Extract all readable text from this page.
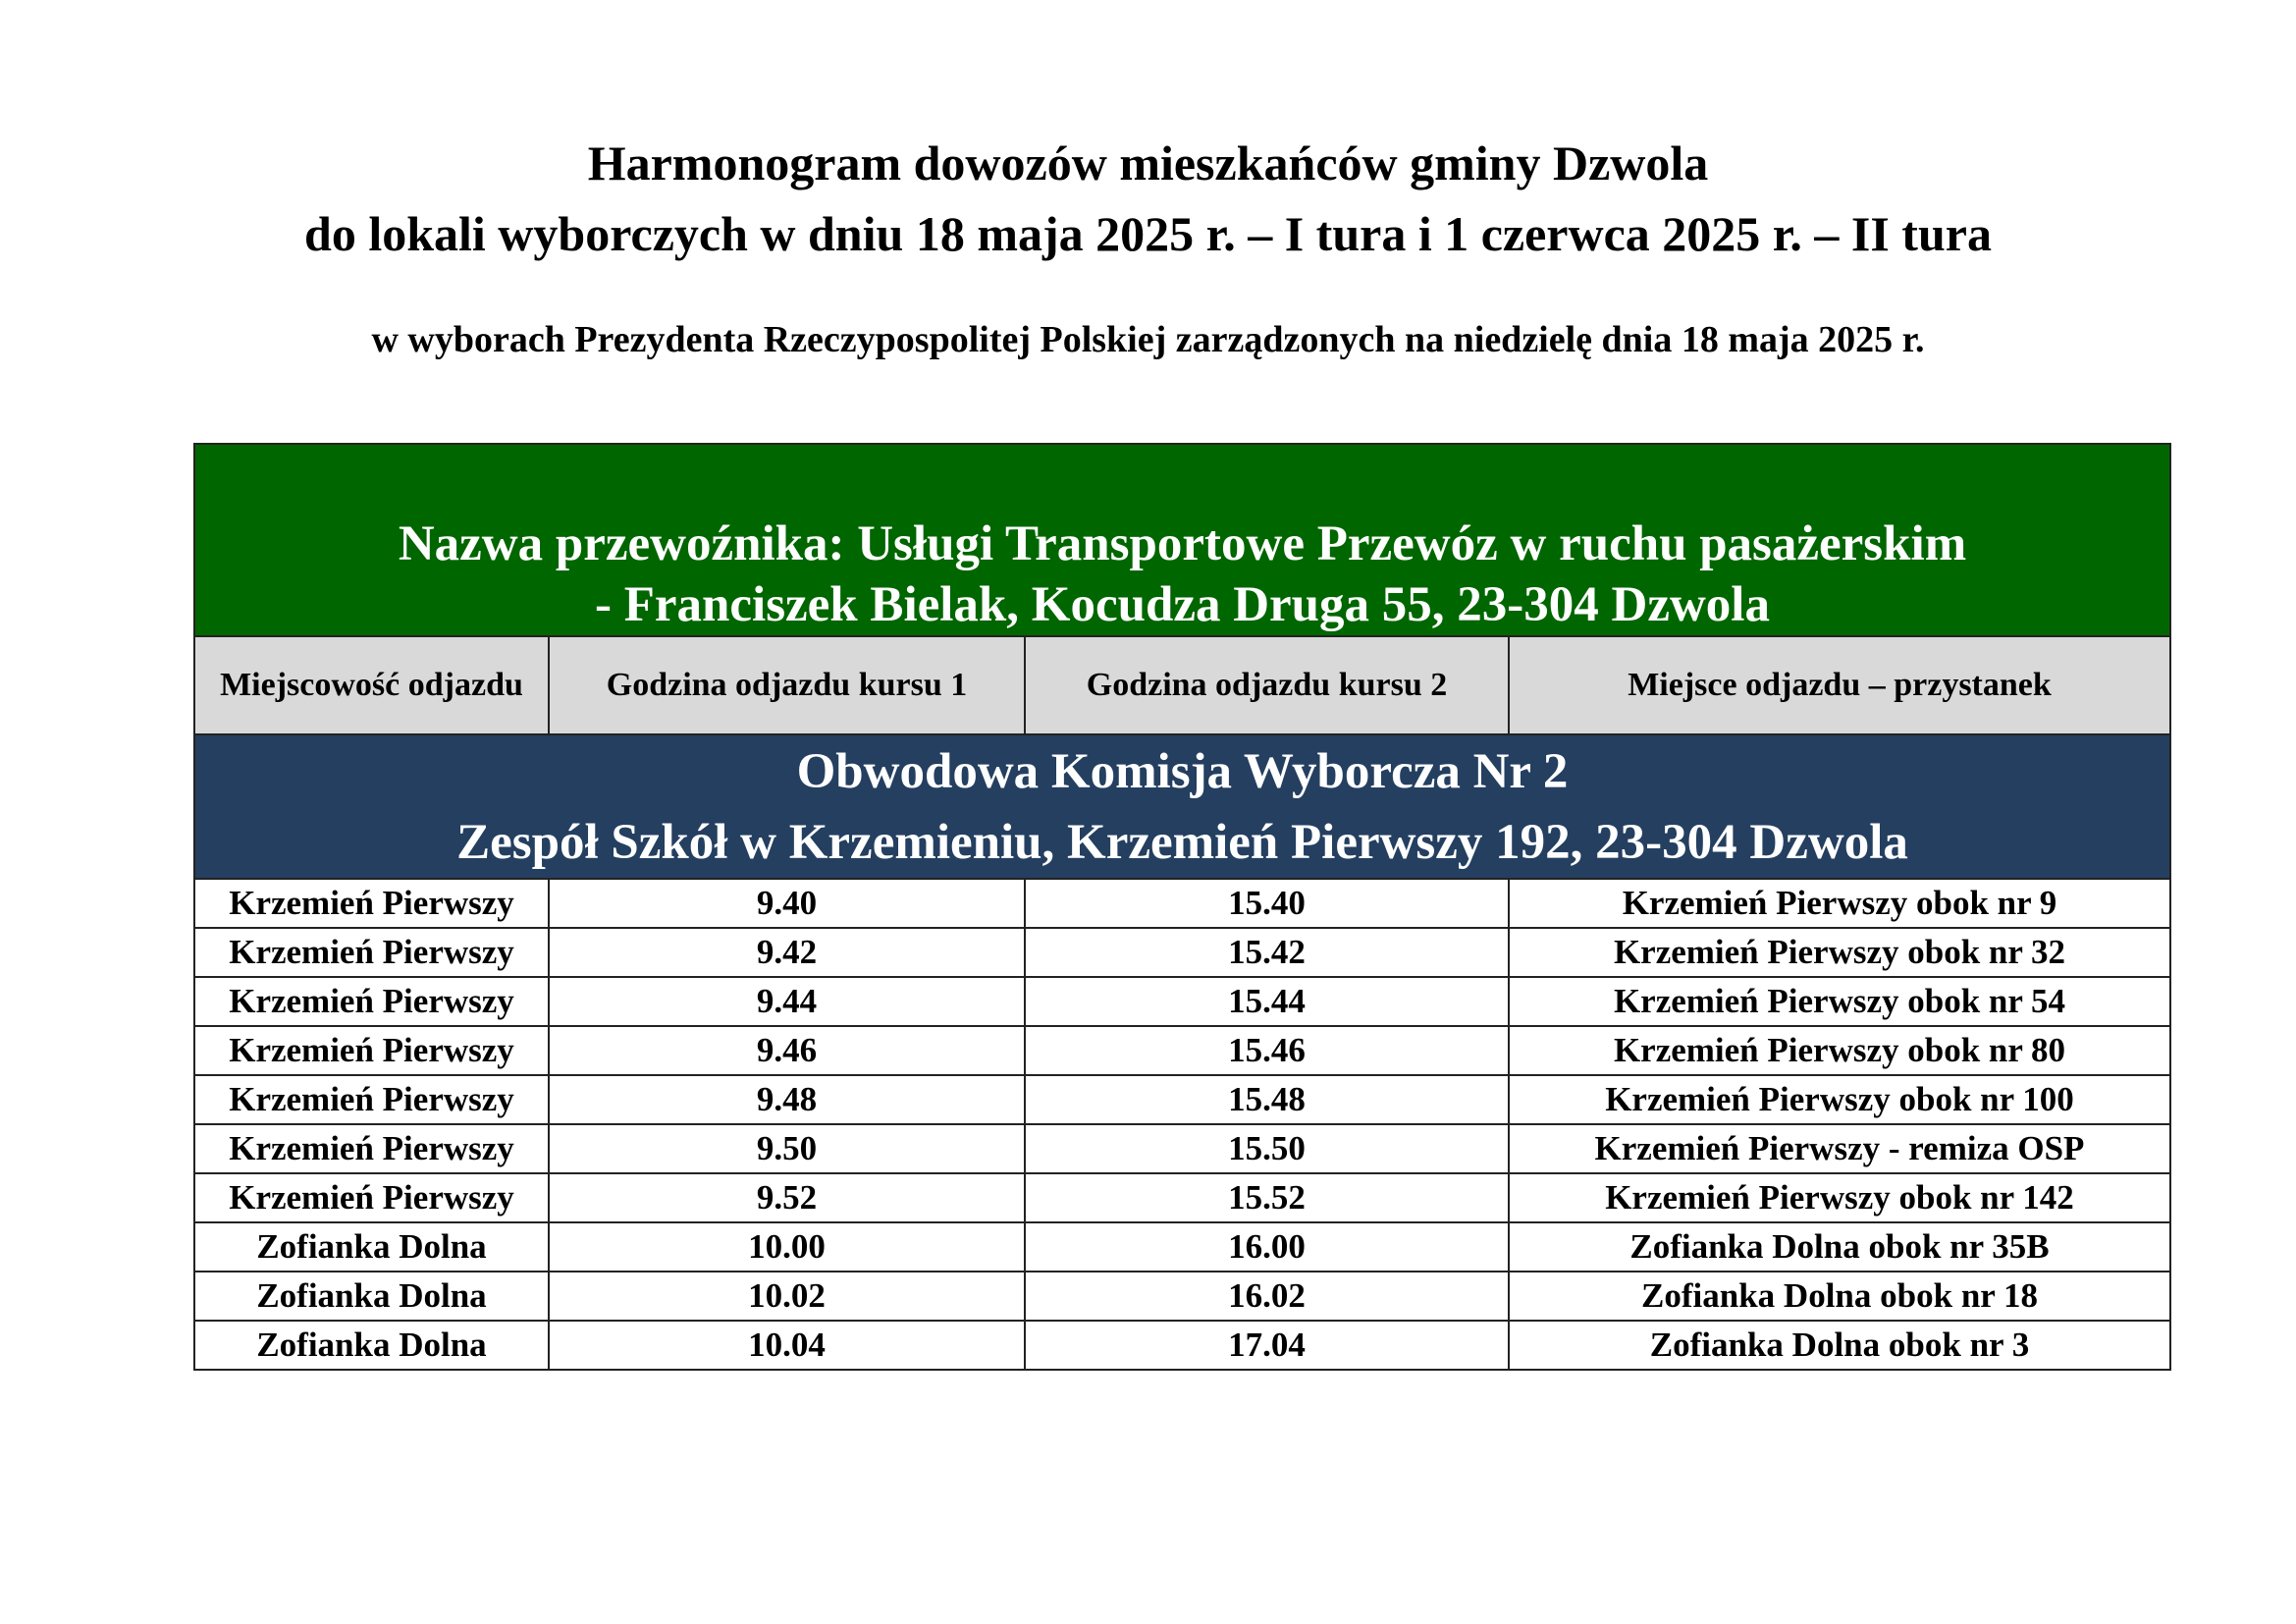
Harmonogram dowozów mieszkańców gminy Dzwola
do lokali wyborczych w dniu 18 maja 2025 r. – I tura i 1 czerwca 2025 r. – II tura
w wyborach Prezydenta Rzeczypospolitej Polskiej zarządzonych na niedzielę dnia 18 maja 2025 r.
Nazwa przewoźnika: Usługi Transportowe Przewóz w ruchu pasażerskim
- Franciszek Bielak, Kocudza Druga 55, 23-304 Dzwola			

Miejscowość odjazdu	Godzina odjazdu kursu 1	Godzina odjazdu kursu 2	Miejsce odjazdu – przystanek

Obwodowa Komisja Wyborcza Nr 2
Zespół Szkół w Krzemieniu, Krzemień Pierwszy 192, 23-304 Dzwola			

Krzemień Pierwszy	9.40	15.40	Krzemień Pierwszy obok nr 9
Krzemień Pierwszy	9.42	15.42	Krzemień Pierwszy obok nr 32
Krzemień Pierwszy	9.44	15.44	Krzemień Pierwszy obok nr 54
Krzemień Pierwszy	9.46	15.46	Krzemień Pierwszy obok nr 80
Krzemień Pierwszy	9.48	15.48	Krzemień Pierwszy obok nr 100
Krzemień Pierwszy	9.50	15.50	Krzemień Pierwszy - remiza OSP
Krzemień Pierwszy	9.52	15.52	Krzemień Pierwszy obok nr 142
Zofianka Dolna	10.00	16.00	Zofianka Dolna obok nr 35B
Zofianka Dolna	10.02	16.02	Zofianka Dolna obok nr 18
Zofianka Dolna	10.04	17.04	Zofianka Dolna obok nr 3
